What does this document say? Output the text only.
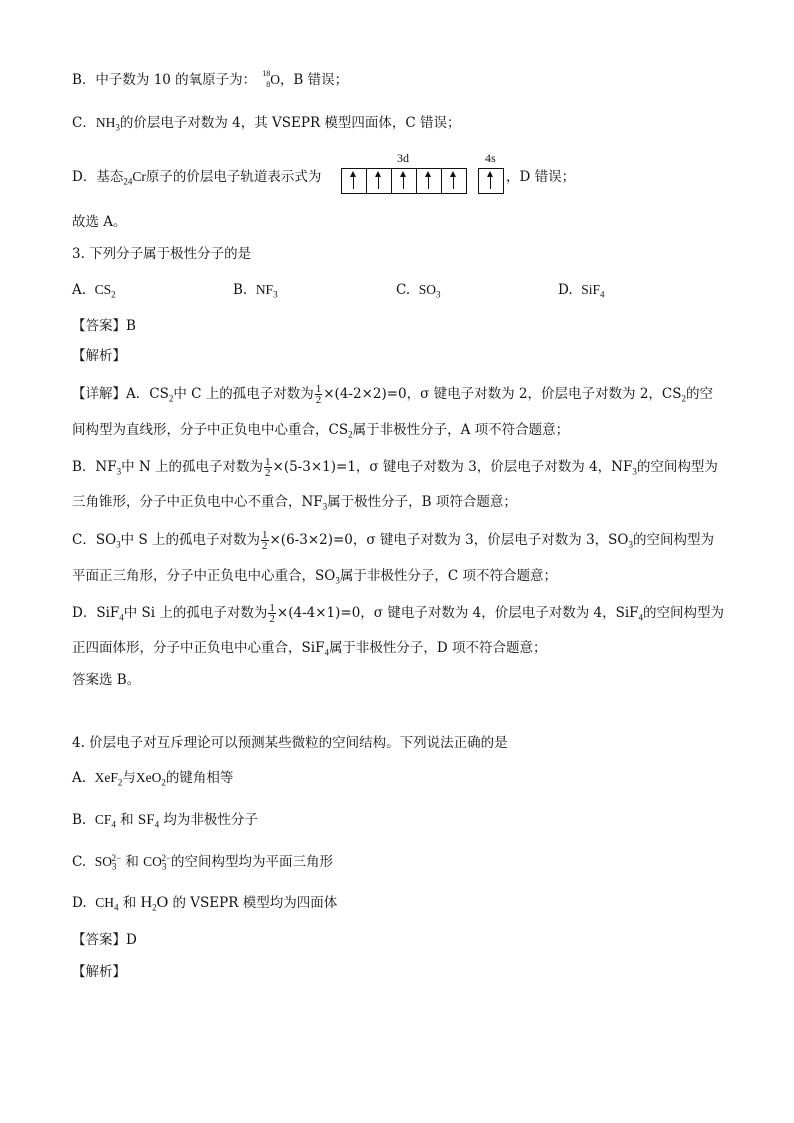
B．中子数为 10 的氧原子为： 18
8 O，B 错误；
C．$NH_3$的价层电子对数为 4，其 VSEPR 模型四面体，C 错误；
D．基态$_{24}$Cr原子的价层电子轨道表示式为
3d	4s
，D 错误；
故选 A。
3. 下列分子属于极性分子的是
A. $CS_2$	B. $NF_3$	C. $SO_3$	D. SiF$_4$
【答案】B
【解析】
【详解】A．$CS_2$中 C 上的孤电子对数为 $\frac{1}{2} \times(4-2\times 2)=0$，σ 键电子对数为 2，价层电子对数为 2，$CS_2$的空
间构型为直线形，分子中正负电中心重合，$CS_2$属于非极性分子，A 项不符合题意；
B．$NF_3$中 N 上的孤电子对数为 $\frac{1}{2} \times(5-3\times 1)=1$，σ 键电子对数为 3，价层电子对数为 4，$NF_3$的空间构型为
三角锥形，分子中正负电中心不重合，$NF_3$属于极性分子，B 项符合题意；
C．$SO_3$中 S 上的孤电子对数为 $\frac{1}{2} \times(6-3\times 2)=0$，σ 键电子对数为 3，价层电子对数为 3，$SO_3$的空间构型为
平面正三角形，分子中正负电中心重合，$SO_3$属于非极性分子，C 项不符合题意；
D．SiF$_4$中 Si 上的孤电子对数为 $\frac{1}{2} \times(4-4\times 1)=0$，σ 键电子对数为 4，价层电子对数为 4，SiF$_4$的空间构型为
正四面体形，分子中正负电中心重合，SiF$_4$属于非极性分子，D 项不符合题意；
答案选 B。
4. 价层电子对互斥理论可以预测某些微粒的空间结构。下列说法正确的是
A. XeF$_2$与XeO$_2$的键角相等
B. $CF_4$ 和 $SF_4$ 均为非极性分子
C. $SO_3^{2-}$ 和 $CO_3^{2-}$的空间构型均为平面三角形
D. $CH_4$ 和 $H_2O$ 的 VSEPR 模型均为四面体
【答案】D
【解析】
